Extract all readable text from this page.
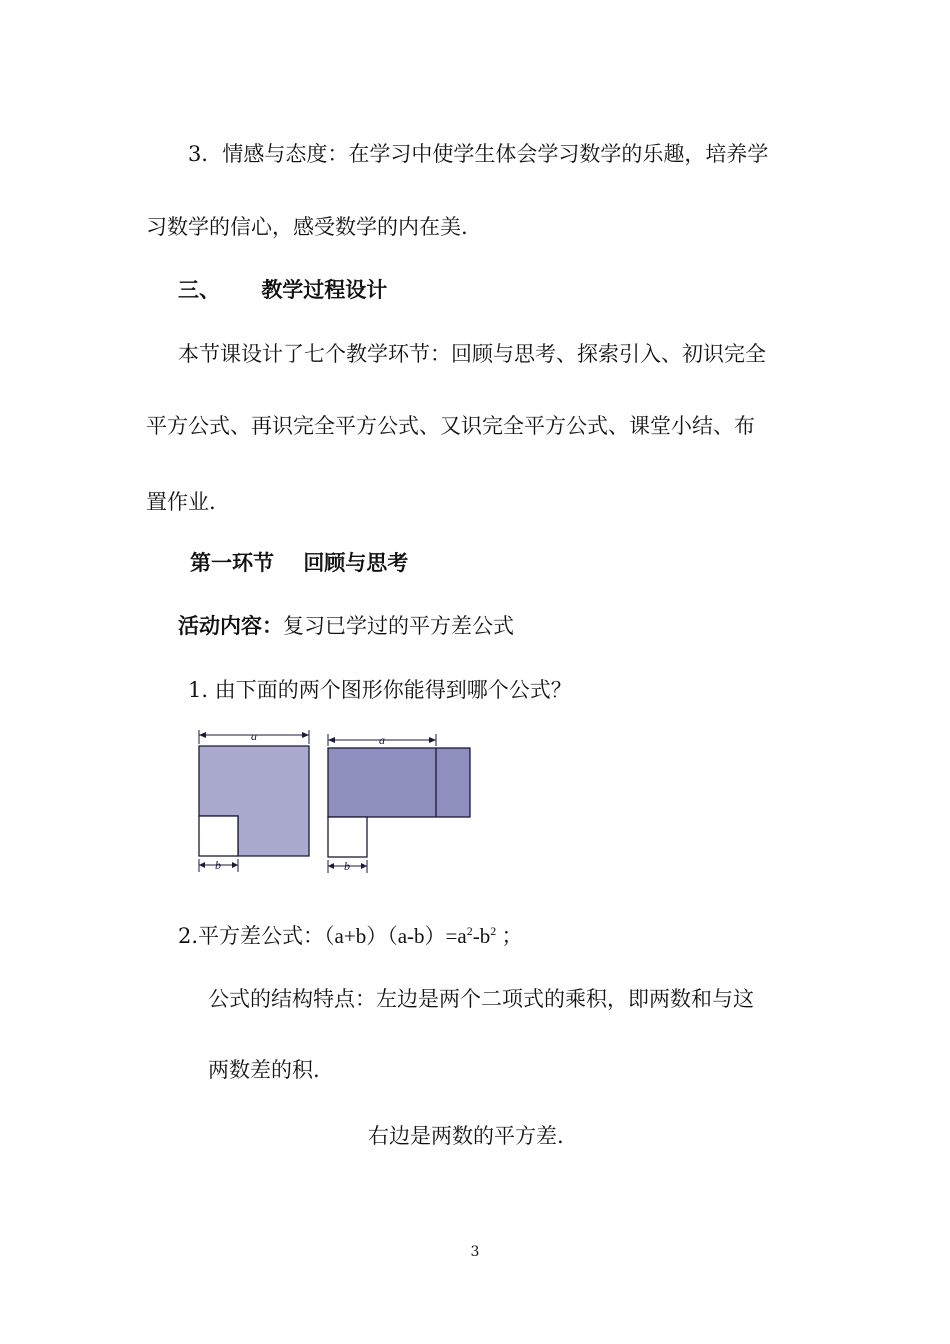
3．情感与态度：在学习中使学生体会学习数学的乐趣，培养学
习数学的信心，感受数学的内在美.
三、 教学过程设计
本节课设计了七个教学环节：回顾与思考、探索引入、初识完全
平方公式、再识完全平方公式、又识完全平方公式、课堂小结、布
置作业.
第一环节 回顾与思考
活动内容：复习已学过的平方差公式
1. 由下面的两个图形你能得到哪个公式？
a
b
a
b
2.平方差公式：$(a+b)(a-b)=a^2-b^2$ ；
公式的结构特点：左边是两个二项式的乘积，即两数和与这
两数差的积.
右边是两数的平方差.
3
